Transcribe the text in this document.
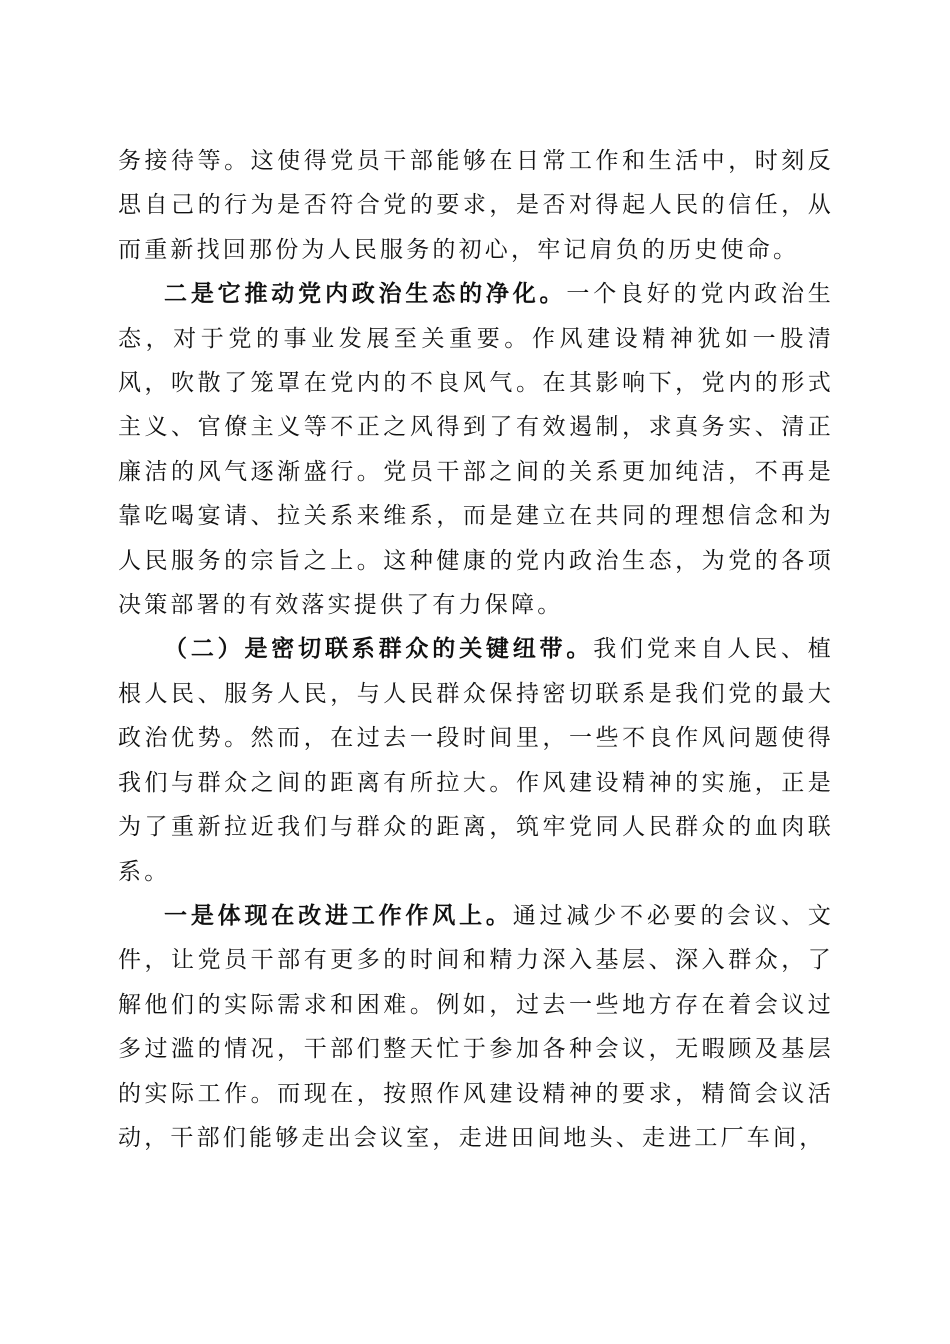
务接待等。这使得党员干部能够在日常工作和生活中，时刻反思自己的行为是否符合党的要求，是否对得起人民的信任，从而重新找回那份为人民服务的初心，牢记肩负的历史使命。

二是它推动党内政治生态的净化。一个良好的党内政治生态，对于党的事业发展至关重要。作风建设精神犹如一股清风，吹散了笼罩在党内的不良风气。在其影响下，党内的形式主义、官僚主义等不正之风得到了有效遏制，求真务实、清正廉洁的风气逐渐盛行。党员干部之间的关系更加纯洁，不再是靠吃喝宴请、拉关系来维系，而是建立在共同的理想信念和为人民服务的宗旨之上。这种健康的党内政治生态，为党的各项决策部署的有效落实提供了有力保障。

（二）是密切联系群众的关键纽带。我们党来自人民、植根人民、服务人民，与人民群众保持密切联系是我们党的最大政治优势。然而，在过去一段时间里，一些不良作风问题使得我们与群众之间的距离有所拉大。作风建设精神的实施，正是为了重新拉近我们与群众的距离，筑牢党同人民群众的血肉联系。

一是体现在改进工作作风上。通过减少不必要的会议、文件，让党员干部有更多的时间和精力深入基层、深入群众，了解他们的实际需求和困难。例如，过去一些地方存在着会议过多过滥的情况，干部们整天忙于参加各种会议，无暇顾及基层的实际工作。而现在，按照作风建设精神的要求，精简会议活动，干部们能够走出会议室，走进田间地头、走进工厂车间，
